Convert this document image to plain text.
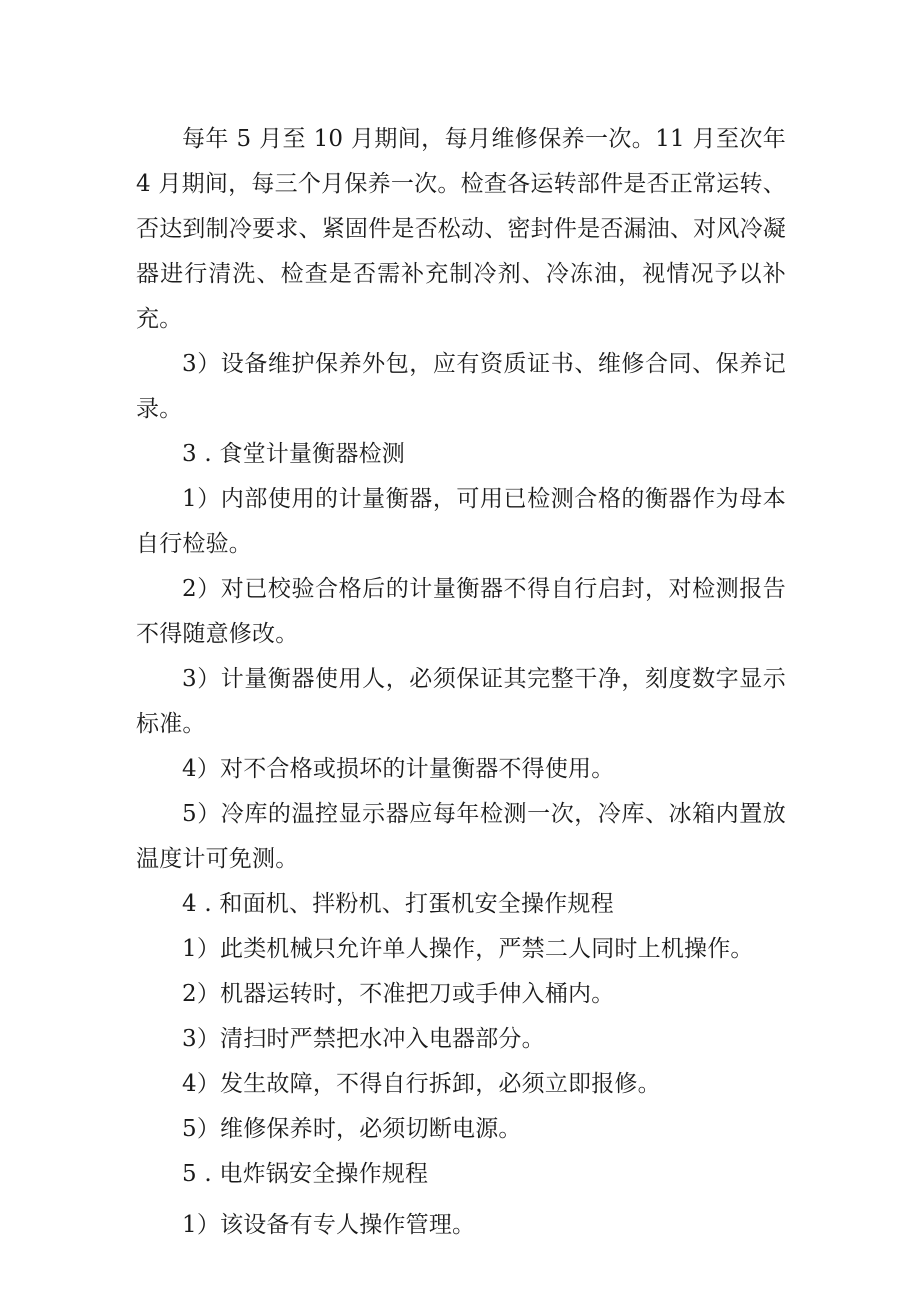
每年 5 月至 10 月期间，每月维修保养一次。11 月至次年 4 月期间，每三个月保养一次。检查各运转部件是否正常运转、否达到制冷要求、紧固件是否松动、密封件是否漏油、对风冷凝器进行清洗、检查是否需补充制冷剂、冷冻油，视情况予以补充。

3）设备维护保养外包，应有资质证书、维修合同、保养记录。

3 . 食堂计量衡器检测

1）内部使用的计量衡器，可用已检测合格的衡器作为母本自行检验。

2）对已校验合格后的计量衡器不得自行启封，对检测报告不得随意修改。

3）计量衡器使用人，必须保证其完整干净，刻度数字显示标准。

4）对不合格或损坏的计量衡器不得使用。

5）冷库的温控显示器应每年检测一次，冷库、冰箱内置放温度计可免测。

4 . 和面机、拌粉机、打蛋机安全操作规程

1）此类机械只允许单人操作，严禁二人同时上机操作。

2）机器运转时，不准把刀或手伸入桶内。

3）清扫时严禁把水冲入电器部分。

4）发生故障，不得自行拆卸，必须立即报修。

5）维修保养时，必须切断电源。

5 . 电炸锅安全操作规程

1）该设备有专人操作管理。
